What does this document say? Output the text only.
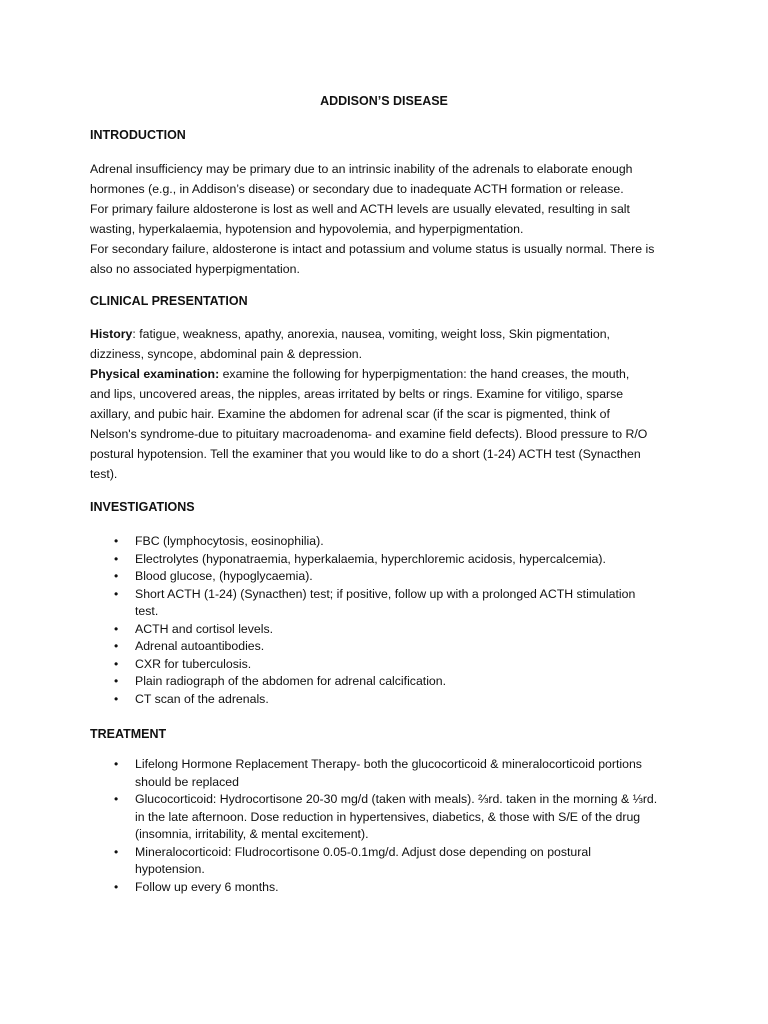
ADDISON’S DISEASE
INTRODUCTION
Adrenal insufficiency may be primary due to an intrinsic inability of the adrenals to elaborate enough
hormones (e.g., in Addison’s disease) or secondary due to inadequate ACTH formation or release.
For primary failure aldosterone is lost as well and ACTH levels are usually elevated, resulting in salt
wasting, hyperkalaemia, hypotension and hypovolemia, and hyperpigmentation.
For secondary failure, aldosterone is intact and potassium and volume status is usually normal. There is
also no associated hyperpigmentation.
CLINICAL PRESENTATION
History: fatigue, weakness, apathy, anorexia, nausea, vomiting, weight loss, Skin pigmentation,
dizziness, syncope, abdominal pain & depression.
Physical examination: examine the following for hyperpigmentation: the hand creases, the mouth,
and lips, uncovered areas, the nipples, areas irritated by belts or rings. Examine for vitiligo, sparse
axillary, and pubic hair. Examine the abdomen for adrenal scar (if the scar is pigmented, think of
Nelson's syndrome-due to pituitary macroadenoma- and examine field defects). Blood pressure to R/O
postural hypotension. Tell the examiner that you would like to do a short (1-24) ACTH test (Synacthen
test).
INVESTIGATIONS
• FBC (lymphocytosis, eosinophilia).
• Electrolytes (hyponatraemia, hyperkalaemia, hyperchloremic acidosis, hypercalcemia).
• Blood glucose, (hypoglycaemia).
• Short ACTH (1-24) (Synacthen) test; if positive, follow up with a prolonged ACTH stimulation
test.
• ACTH and cortisol levels.
• Adrenal autoantibodies.
• CXR for tuberculosis.
• Plain radiograph of the abdomen for adrenal calcification.
• CT scan of the adrenals.
TREATMENT
• Lifelong Hormone Replacement Therapy- both the glucocorticoid & mineralocorticoid portions
should be replaced
• Glucocorticoid: Hydrocortisone 20-30 mg/d (taken with meals). ⅔rd. taken in the morning & ⅓rd.
in the late afternoon. Dose reduction in hypertensives, diabetics, & those with S/E of the drug
(insomnia, irritability, & mental excitement).
• Mineralocorticoid: Fludrocortisone 0.05-0.1mg/d. Adjust dose depending on postural
hypotension.
• Follow up every 6 months.
